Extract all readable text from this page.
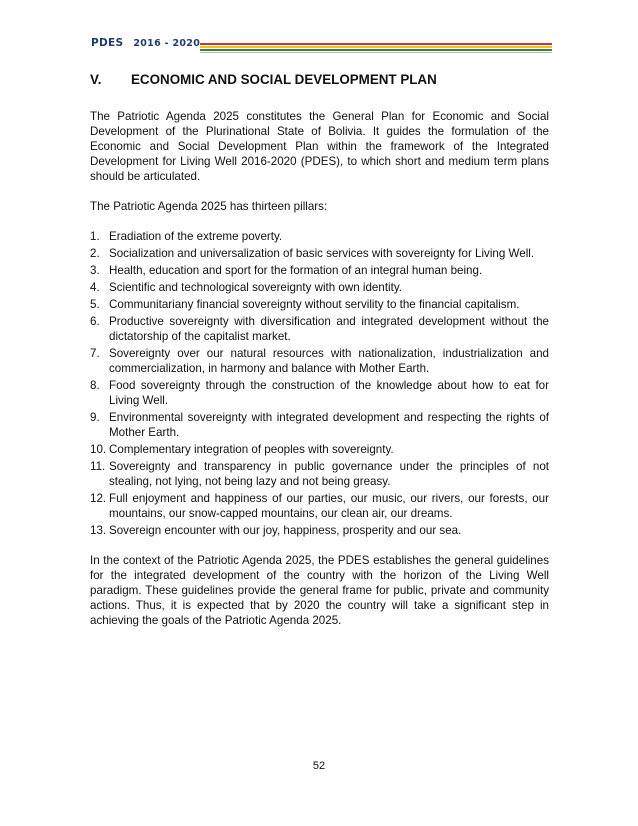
PDES 2016 - 2020
V.	ECONOMIC AND SOCIAL DEVELOPMENT PLAN

The Patriotic Agenda 2025 constitutes the General Plan for Economic and Social Development of the Plurinational State of Bolivia. It guides the formulation of the Economic and Social Development Plan within the framework of the Integrated Development for Living Well 2016-2020 (PDES), to which short and medium term plans should be articulated.

The Patriotic Agenda 2025 has thirteen pillars:

1. Eradiation of the extreme poverty.
2. Socialization and universalization of basic services with sovereignty for Living Well.
3. Health, education and sport for the formation of an integral human being.
4. Scientific and technological sovereignty with own identity.
5. Communitariany financial sovereignty without servility to the financial capitalism.
6. Productive sovereignty with diversification and integrated development without the dictatorship of the capitalist market.
7. Sovereignty over our natural resources with nationalization, industrialization and commercialization, in harmony and balance with Mother Earth.
8. Food sovereignty through the construction of the knowledge about how to eat for Living Well.
9. Environmental sovereignty with integrated development and respecting the rights of Mother Earth.
10. Complementary integration of peoples with sovereignty.
11. Sovereignty and transparency in public governance under the principles of not stealing, not lying, not being lazy and not being greasy.
12. Full enjoyment and happiness of our parties, our music, our rivers, our forests, our mountains, our snow-capped mountains, our clean air, our dreams.
13. Sovereign encounter with our joy, happiness, prosperity and our sea.

In the context of the Patriotic Agenda 2025, the PDES establishes the general guidelines for the integrated development of the country with the horizon of the Living Well paradigm. These guidelines provide the general frame for public, private and community actions. Thus, it is expected that by 2020 the country will take a significant step in achieving the goals of the Patriotic Agenda 2025.

52
